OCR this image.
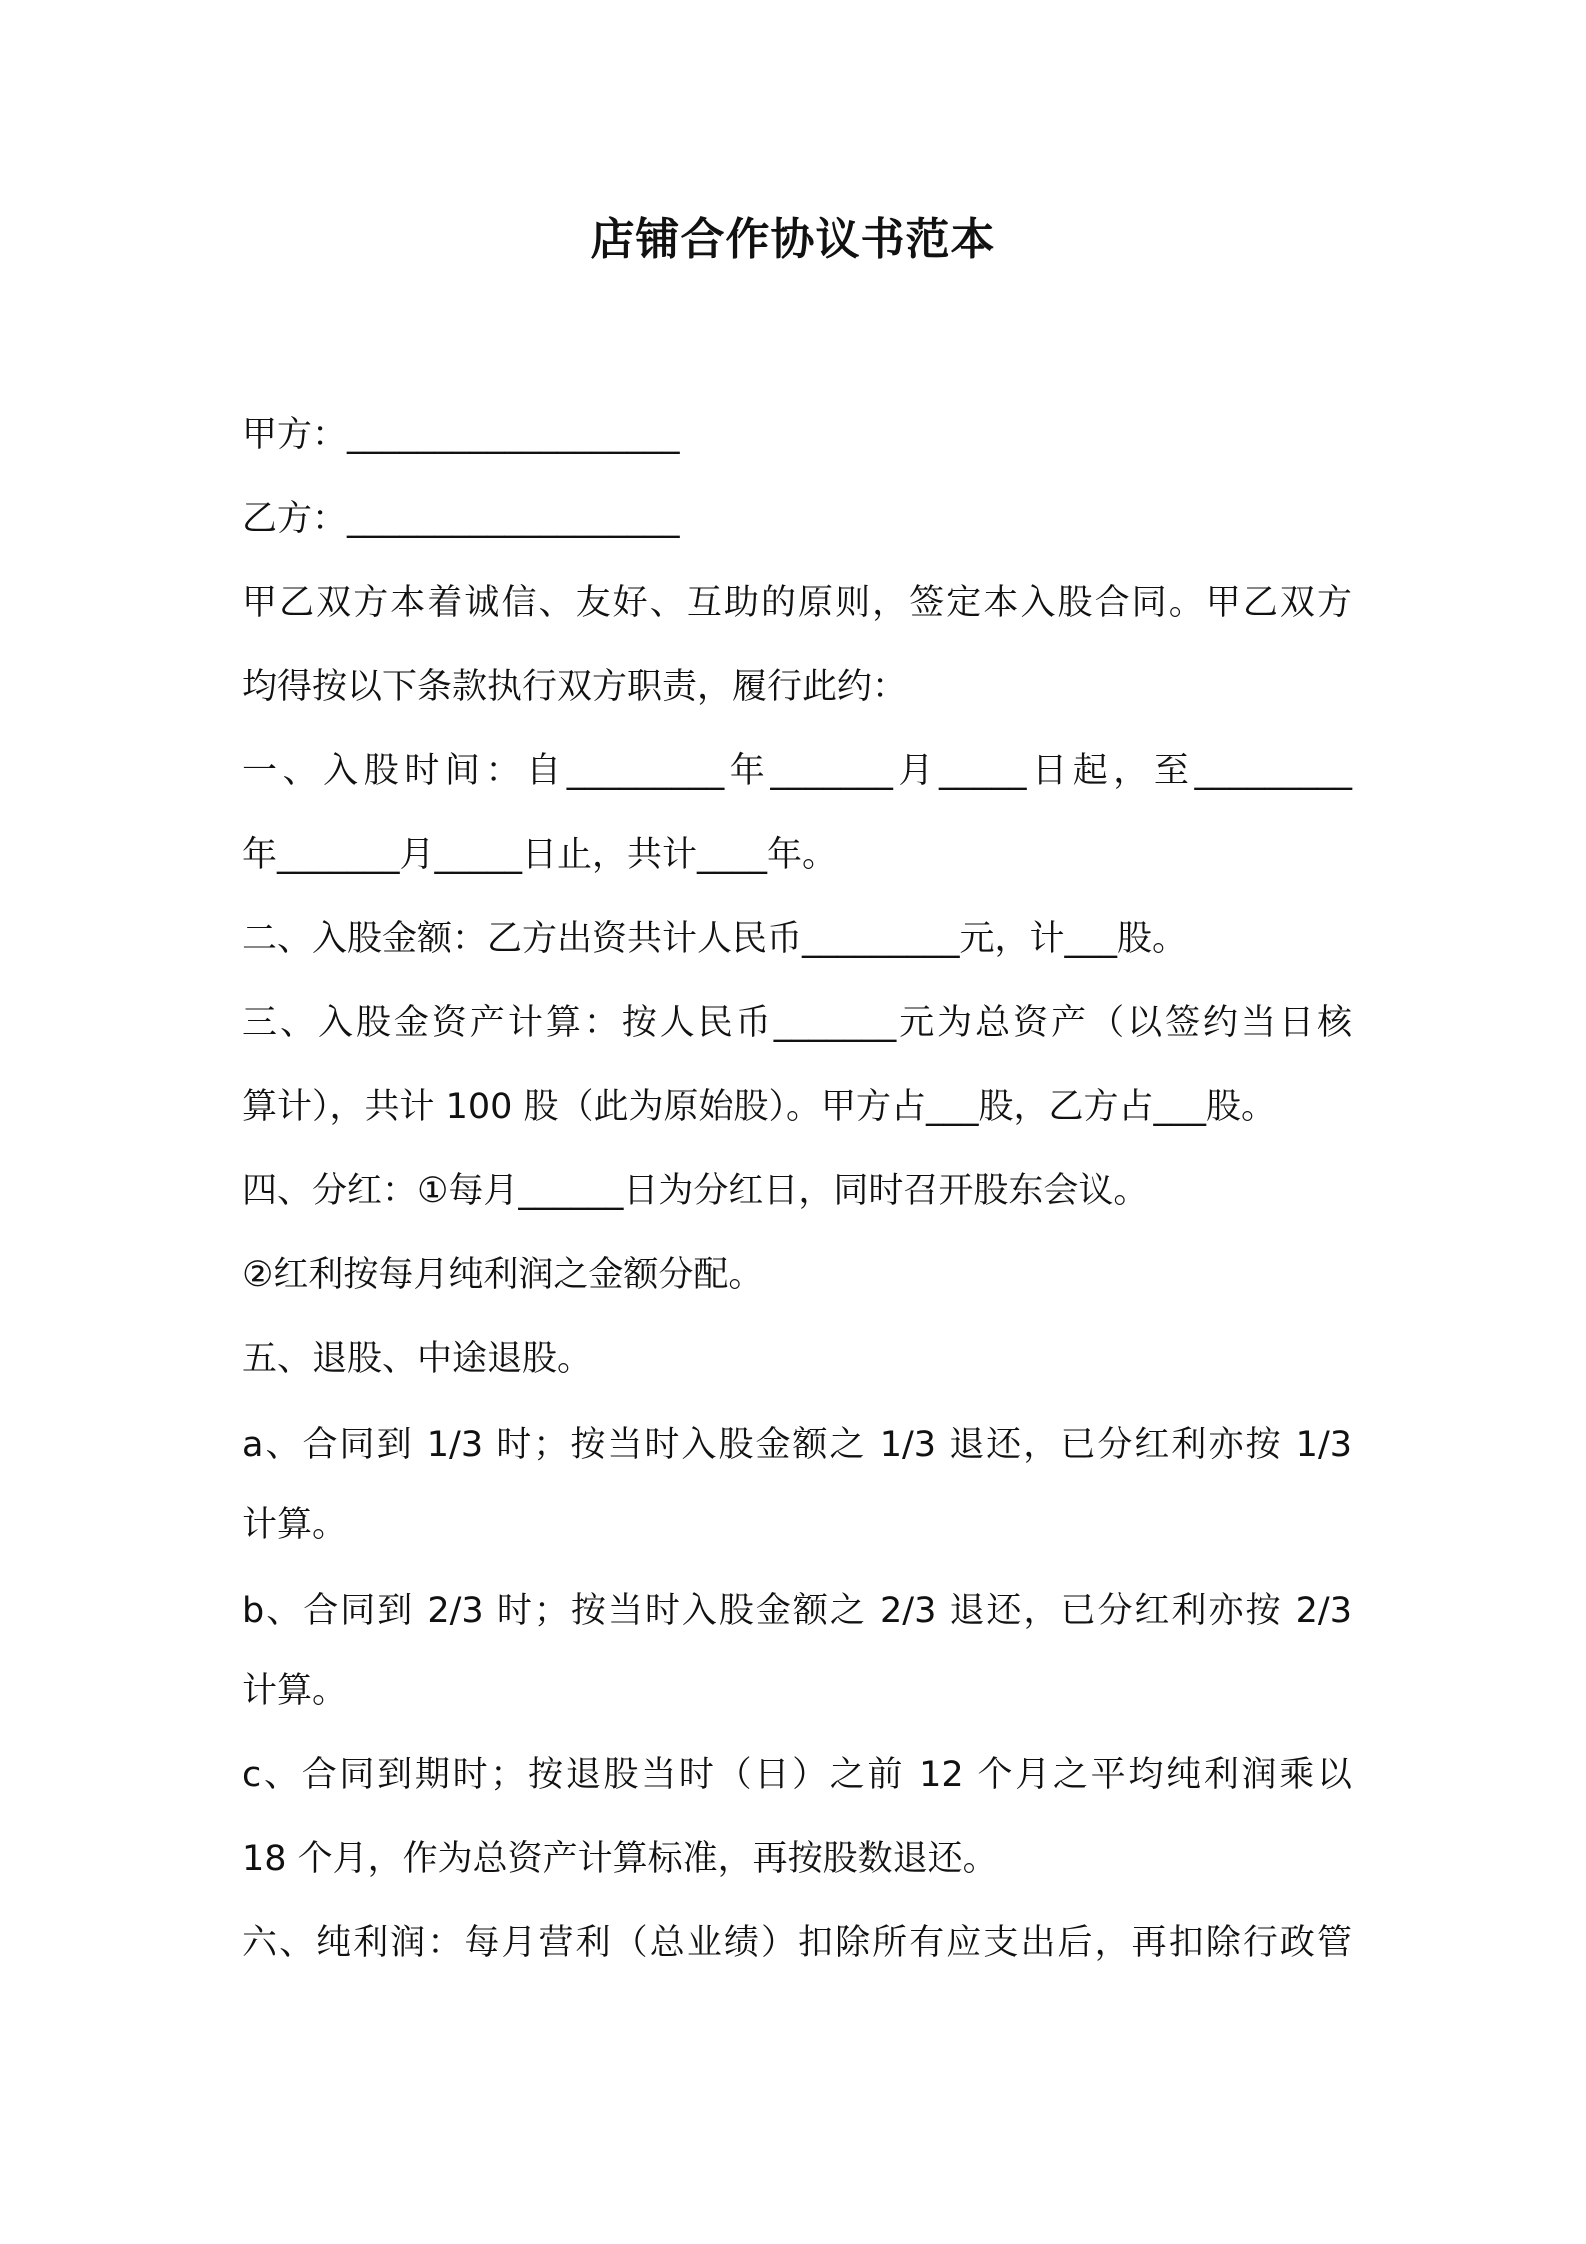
店铺合作协议书范本

甲方：___________________

乙方：___________________

甲乙双方本着诚信、友好、互助的原则，签定本入股合同。甲乙双方

均得按以下条款执行双方职责，履行此约：

一、入股时间：自_________年_______月_____日起，至_________

年_______月_____日止，共计____年。

二、入股金额：乙方出资共计人民币_________元，计___股。

三、入股金资产计算：按人民币_______元为总资产（以签约当日核

算计），共计 100 股（此为原始股）。甲方占___股，乙方占___股。

四、分红：①每月______日为分红日，同时召开股东会议。

②红利按每月纯利润之金额分配。

五、退股、中途退股。

a、合同到 1/3 时；按当时入股金额之 1/3 退还，已分红利亦按 1/3

计算。

b、合同到 2/3 时；按当时入股金额之 2/3 退还，已分红利亦按 2/3

计算。

c、合同到期时；按退股当时（日）之前 12 个月之平均纯利润乘以

18 个月，作为总资产计算标准，再按股数退还。

六、纯利润：每月营利（总业绩）扣除所有应支出后，再扣除行政管
